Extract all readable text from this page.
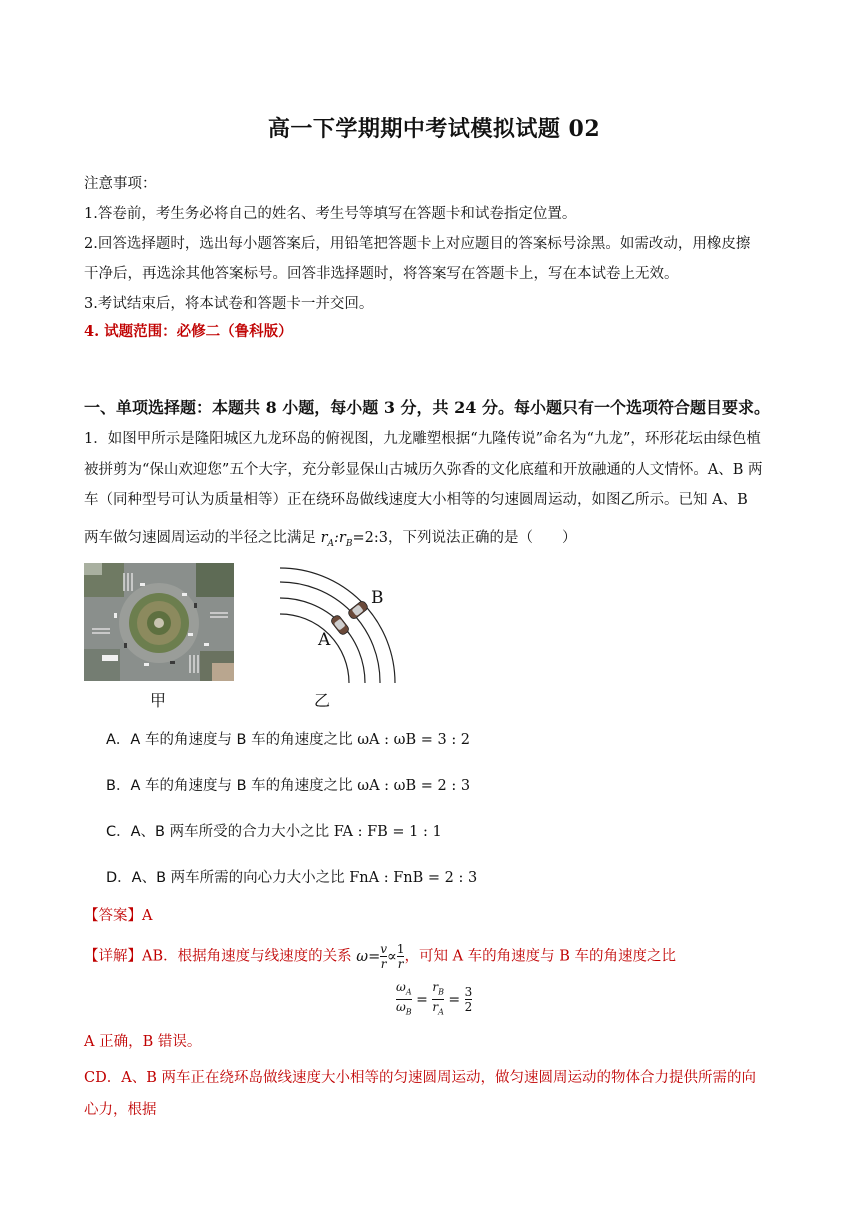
高一下学期期中考试模拟试题 02
注意事项：
1.答卷前，考生务必将自己的姓名、考生号等填写在答题卡和试卷指定位置。
2.回答选择题时，选出每小题答案后，用铅笔把答题卡上对应题目的答案标号涂黑。如需改动，用橡皮擦
干净后，再选涂其他答案标号。回答非选择题时，将答案写在答题卡上，写在本试卷上无效。
3.考试结束后，将本试卷和答题卡一并交回。
4. 试题范围：必修二（鲁科版）
一、单项选择题：本题共 8 小题，每小题 3 分，共 24 分。每小题只有一个选项符合题目要求。
1．如图甲所示是隆阳城区九龙环岛的俯视图，九龙雕塑根据“九隆传说”命名为“九龙”，环形花坛由绿色植
被拼剪为“保山欢迎您”五个大字，充分彰显保山古城历久弥香的文化底蕴和开放融通的人文情怀。A、B 两
车（同种型号可认为质量相等）正在绕环岛做线速度大小相等的匀速圆周运动，如图乙所示。已知 A、B
两车做匀速圆周运动的半径之比满足 $r_A:r_B=2:3$，下列说法正确的是（　　）
甲
B
A
乙
A．A 车的角速度与 B 车的角速度之比 ωA : ωB = 3 : 2
B．A 车的角速度与 B 车的角速度之比 ωA : ωB = 2 : 3
C．A、B 两车所受的合力大小之比 FA : FB = 1 : 1
D．A、B 两车所需的向心力大小之比 FnA : FnB = 2 : 3
【答案】A
【详解】AB．根据角速度与线速度的关系 $\omega= \frac{v}{r} \propto \frac{1}{r}$ ，可知 A 车的角速度与 B 车的角速度之比
$\frac{\omega_A}{\omega_B} = \frac{r_B}{r_A} = \frac{3}{2}$
A 正确，B 错误。
CD．A、B 两车正在绕环岛做线速度大小相等的匀速圆周运动，做匀速圆周运动的物体合力提供所需的向
心力，根据
